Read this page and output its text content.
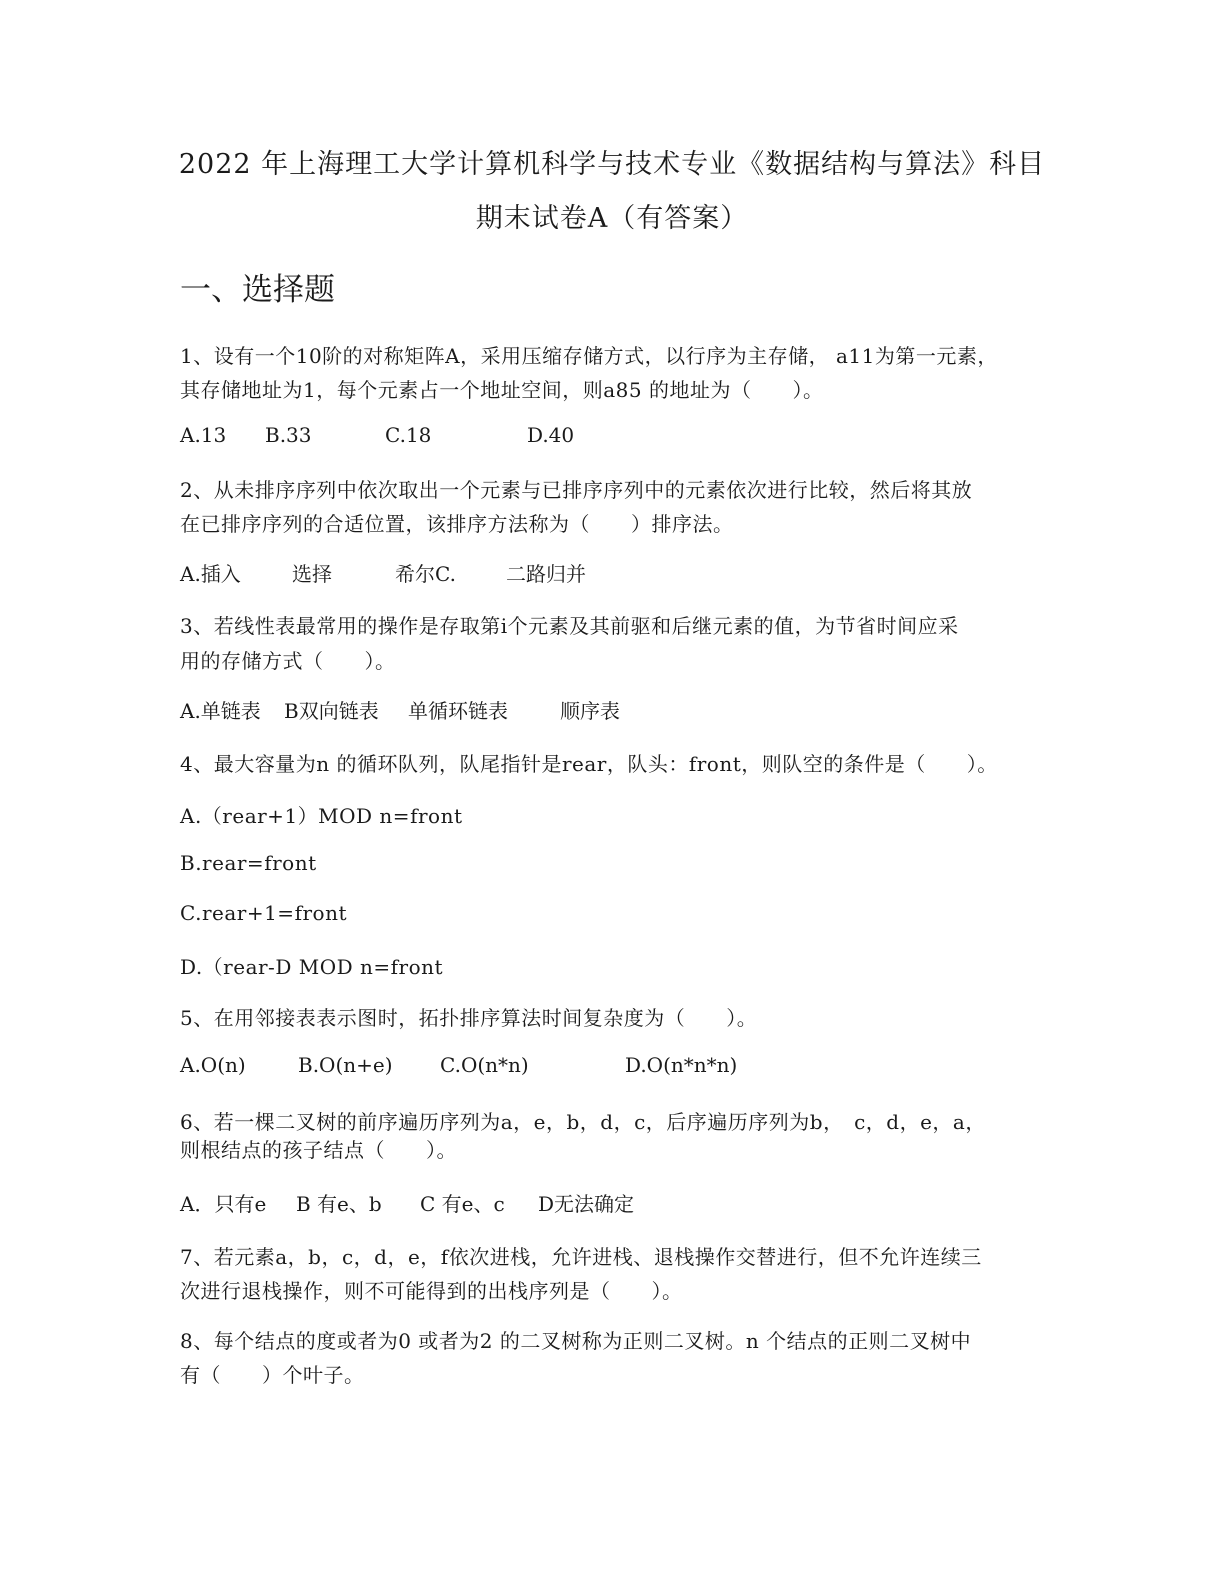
2022 年上海理工大学计算机科学与技术专业《数据结构与算法》科目
期末试卷A（有答案）
一、选择题
1、设有一个10阶的对称矩阵A，采用压缩存储方式，以行序为主存储， a11为第一元素，
其存储地址为1，每个元素占一个地址空间，则a85 的地址为（　　）。
A.13 B.33	C.18	D.40
2、从未排序序列中依次取出一个元素与已排序序列中的元素依次进行比较，然后将其放
在已排序序列的合适位置，该排序方法称为（　　）排序法。
A.插入	选择	希尔C.	二路归并
3、若线性表最常用的操作是存取第i个元素及其前驱和后继元素的值，为节省时间应采
用的存储方式（　　）。
A.单链表 B双向链表 单循环链表	顺序表
4、最大容量为n 的循环队列，队尾指针是rear，队头：front，则队空的条件是（　　）。
A.（rear+1）MOD n=front
B.rear=front
C.rear+1=front
D.（rear-D MOD n=front
5、在用邻接表表示图时，拓扑排序算法时间复杂度为（　　）。
A.O(n)	B.O(n+e) C.O(n*n)	D.O(n*n*n)
6、若一棵二叉树的前序遍历序列为a，e，b，d，c，后序遍历序列为b，　c，d，e，a，
则根结点的孩子结点（　　）。
A．只有e B 有e、b C 有e、c D无法确定
7、若元素a，b，c，d，e，f依次进栈，允许进栈、退栈操作交替进行，但不允许连续三
次进行退栈操作，则不可能得到的出栈序列是（　　）。
8、每个结点的度或者为0 或者为2 的二叉树称为正则二叉树。n 个结点的正则二叉树中
有（　　）个叶子。
